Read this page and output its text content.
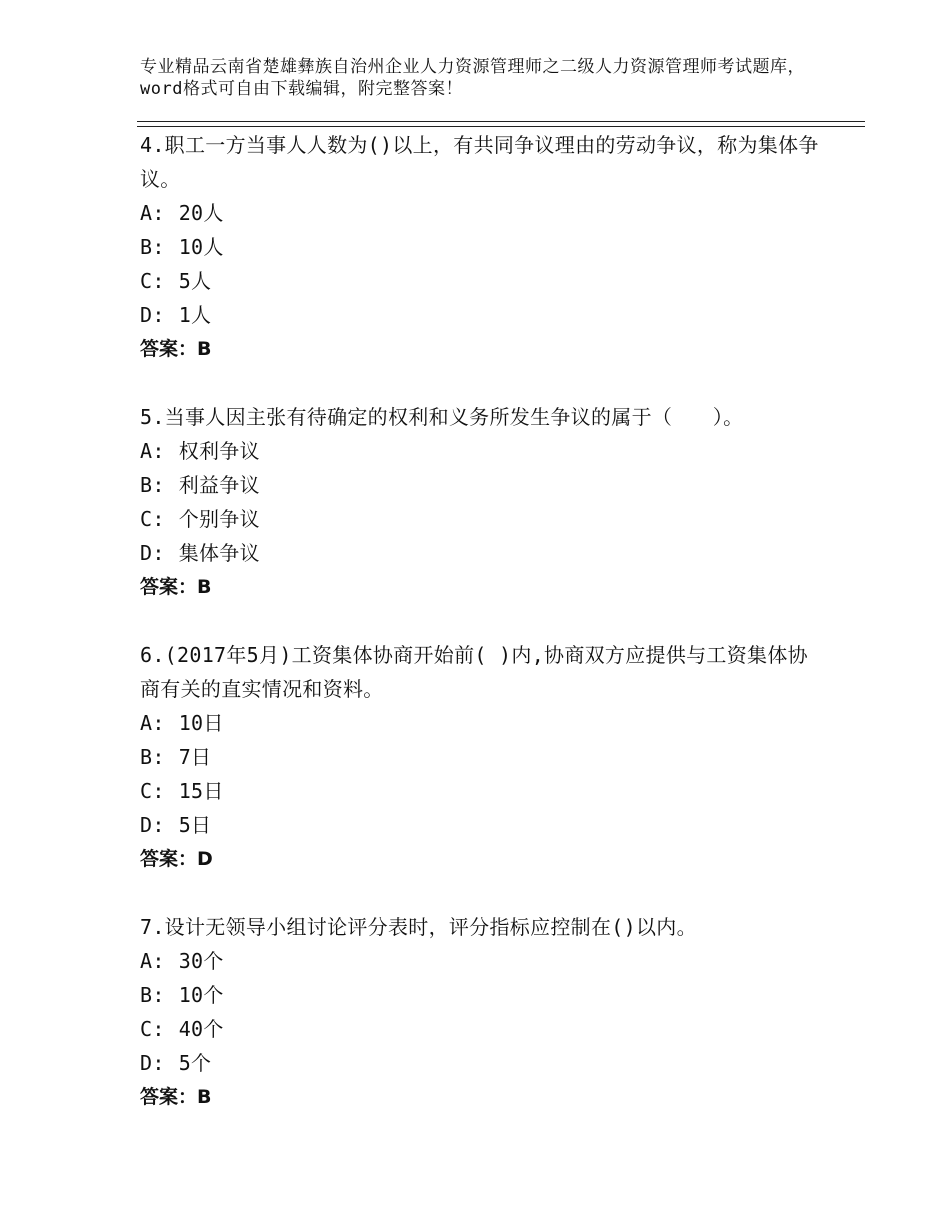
专业精品云南省楚雄彝族自治州企业人力资源管理师之二级人力资源管理师考试题库，word格式可自由下载编辑，附完整答案！
4.职工一方当事人人数为()以上，有共同争议理由的劳动争议，称为集体争议。
A: 20人
B: 10人
C: 5人
D: 1人
答案：B
5.当事人因主张有待确定的权利和义务所发生争议的属于（　　）。
A: 权利争议
B: 利益争议
C: 个别争议
D: 集体争议
答案：B
6.(2017年5月)工资集体协商开始前( )内,协商双方应提供与工资集体协商有关的直实情况和资料。
A: 10日
B: 7日
C: 15日
D: 5日
答案：D
7.设计无领导小组讨论评分表时，评分指标应控制在()以内。
A: 30个
B: 10个
C: 40个
D: 5个
答案：B
